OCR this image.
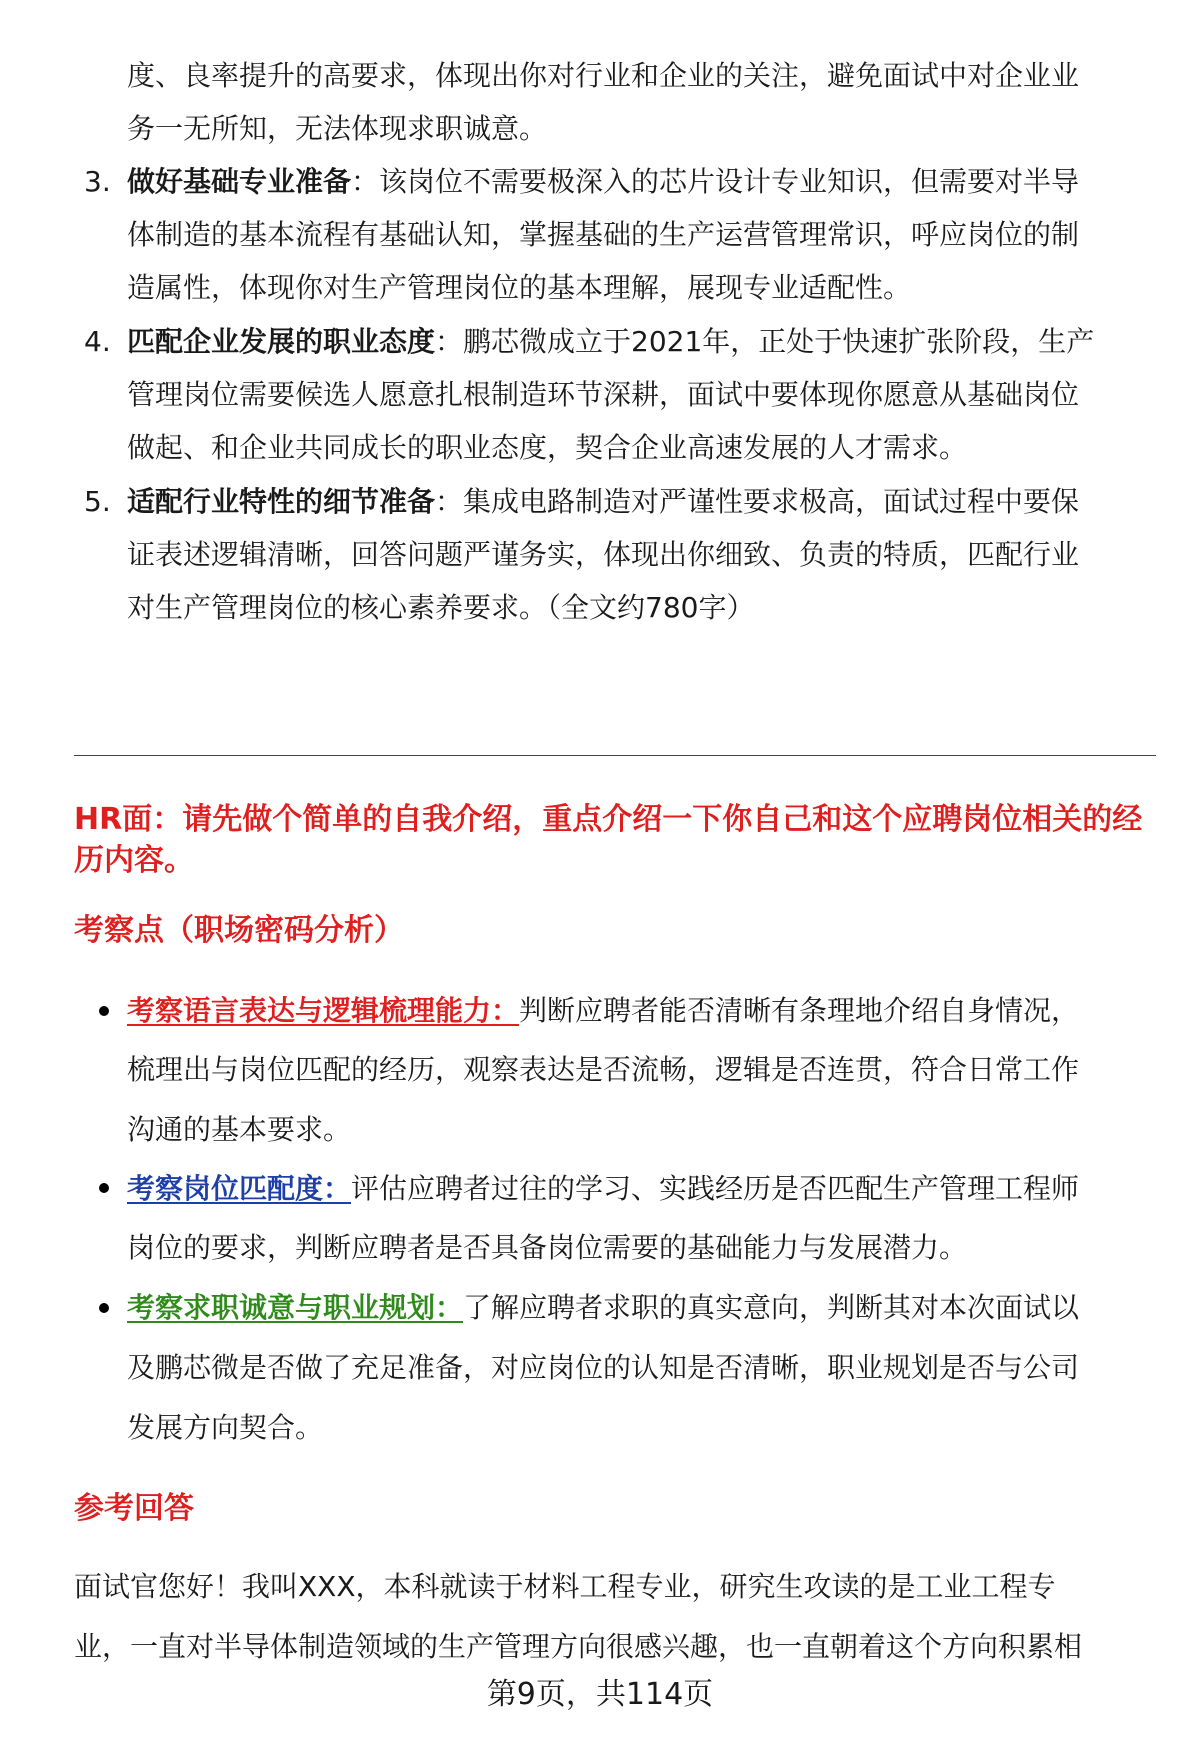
度、良率提升的高要求，体现出你对行业和企业的关注，避免面试中对企业业
务一无所知，无法体现求职诚意。
3. 做好基础专业准备：该岗位不需要极深入的芯片设计专业知识，但需要对半导
体制造的基本流程有基础认知，掌握基础的生产运营管理常识，呼应岗位的制
造属性，体现你对生产管理岗位的基本理解，展现专业适配性。
4. 匹配企业发展的职业态度：鹏芯微成立于2021年，正处于快速扩张阶段，生产
管理岗位需要候选人愿意扎根制造环节深耕，面试中要体现你愿意从基础岗位
做起、和企业共同成长的职业态度，契合企业高速发展的人才需求。
5. 适配行业特性的细节准备：集成电路制造对严谨性要求极高，面试过程中要保
证表述逻辑清晰，回答问题严谨务实，体现出你细致、负责的特质，匹配行业
对生产管理岗位的核心素养要求。（全文约780字）
HR面：请先做个简单的自我介绍，重点介绍一下你自己和这个应聘岗位相关的经
历内容。
考察点（职场密码分析）
考察语言表达与逻辑梳理能力：判断应聘者能否清晰有条理地介绍自身情况，
梳理出与岗位匹配的经历，观察表达是否流畅，逻辑是否连贯，符合日常工作
沟通的基本要求。
考察岗位匹配度：评估应聘者过往的学习、实践经历是否匹配生产管理工程师
岗位的要求，判断应聘者是否具备岗位需要的基础能力与发展潜力。
考察求职诚意与职业规划：了解应聘者求职的真实意向，判断其对本次面试以
及鹏芯微是否做了充足准备，对应岗位的认知是否清晰，职业规划是否与公司
发展方向契合。
参考回答
面试官您好！我叫XXX，本科就读于材料工程专业，研究生攻读的是工业工程专
业，一直对半导体制造领域的生产管理方向很感兴趣，也一直朝着这个方向积累相
第9页，共114页
